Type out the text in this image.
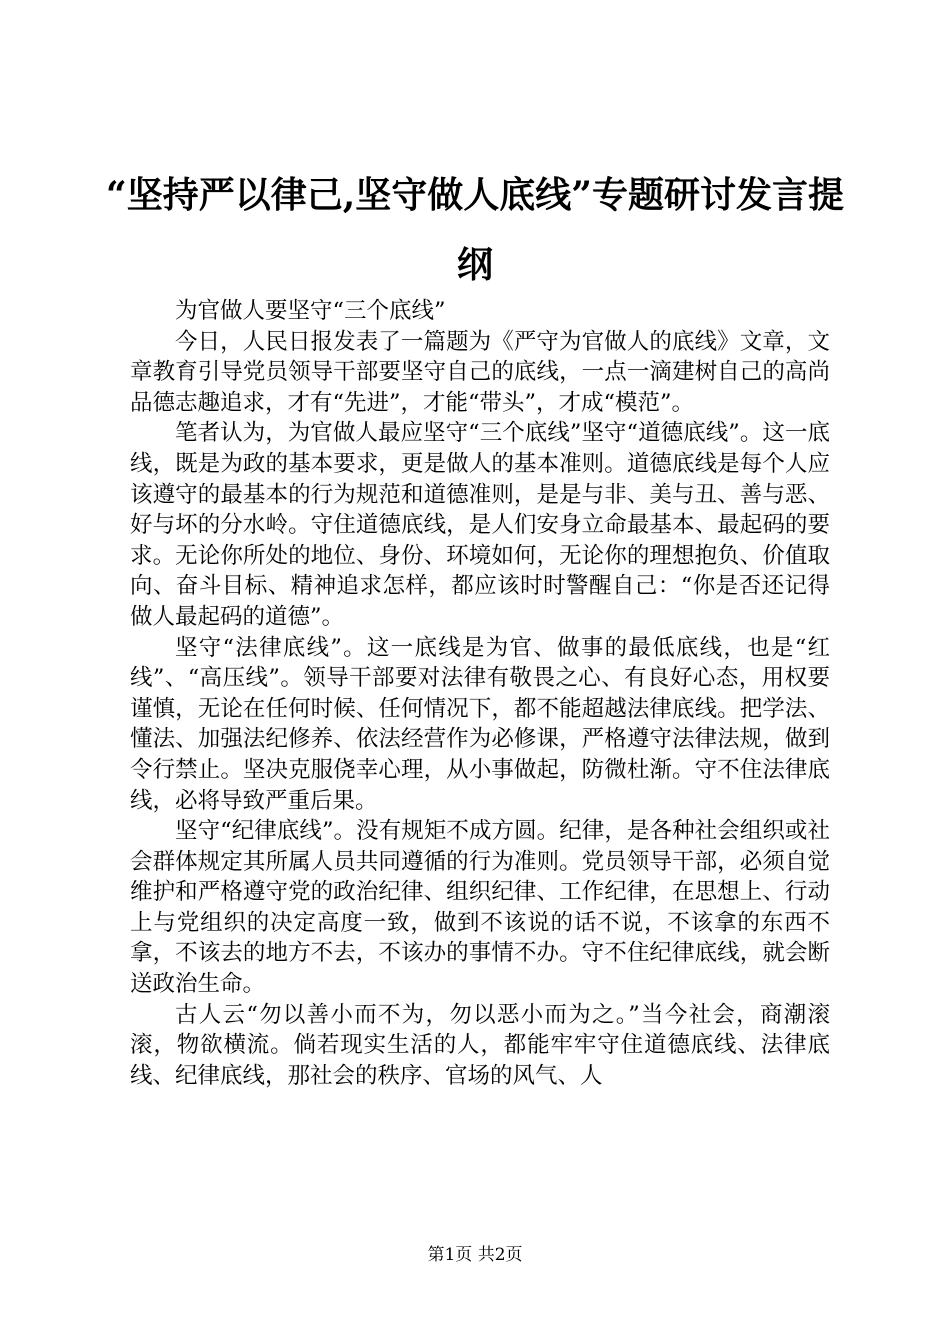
“坚持严以律己,坚守做人底线”专题研讨发言提纲

为官做人要坚守“三个底线”

今日，人民日报发表了一篇题为《严守为官做人的底线》文章，文章教育引导党员领导干部要坚守自己的底线，一点一滴建树自己的高尚品德志趣追求，才有“先进”，才能“带头”，才成“模范”。

笔者认为，为官做人最应坚守“三个底线”坚守“道德底线”。这一底线，既是为政的基本要求，更是做人的基本准则。道德底线是每个人应该遵守的最基本的行为规范和道德准则，是是与非、美与丑、善与恶、好与坏的分水岭。守住道德底线，是人们安身立命最基本、最起码的要求。无论你所处的地位、身份、环境如何，无论你的理想抱负、价值取向、奋斗目标、精神追求怎样，都应该时时警醒自己：“你是否还记得做人最起码的道德”。

坚守“法律底线”。这一底线是为官、做事的最低底线，也是“红线”、“高压线”。领导干部要对法律有敬畏之心、有良好心态，用权要谨慎，无论在任何时候、任何情况下，都不能超越法律底线。把学法、懂法、加强法纪修养、依法经营作为必修课，严格遵守法律法规，做到令行禁止。坚决克服侥幸心理，从小事做起，防微杜渐。守不住法律底线，必将导致严重后果。

坚守“纪律底线”。没有规矩不成方圆。纪律，是各种社会组织或社会群体规定其所属人员共同遵循的行为准则。党员领导干部，必须自觉维护和严格遵守党的政治纪律、组织纪律、工作纪律，在思想上、行动上与党组织的决定高度一致，做到不该说的话不说，不该拿的东西不拿，不该去的地方不去，不该办的事情不办。守不住纪律底线，就会断送政治生命。

古人云“勿以善小而不为，勿以恶小而为之。”当今社会，商潮滚滚，物欲横流。倘若现实生活的人，都能牢牢守住道德底线、法律底线、纪律底线，那社会的秩序、官场的风气、人

第1页 共2页
